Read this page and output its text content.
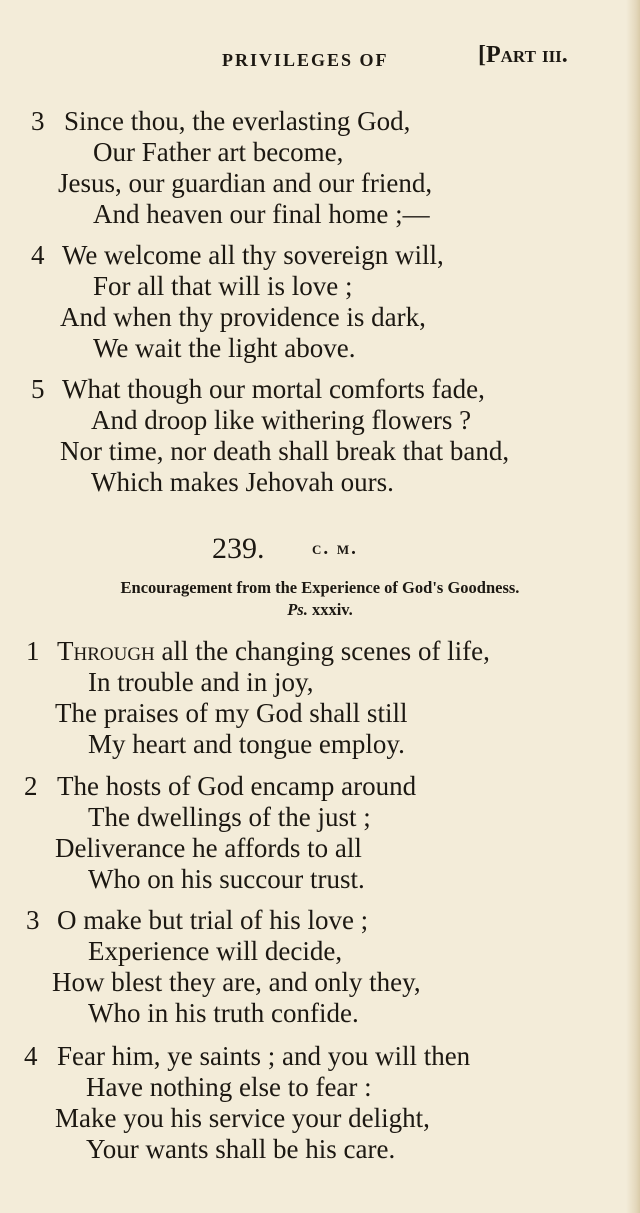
PRIVILEGES OF	[Part iii.
3 Since thou, the everlasting God,
Our Father art become,
Jesus, our guardian and our friend,
And heaven our final home ;—
4 We welcome all thy sovereign will,
For all that will is love ;
And when thy providence is dark,
We wait the light above.
5 What though our mortal comforts fade,
And droop like withering flowers ?
Nor time, nor death shall break that band,
Which makes Jehovah ours.
239.	c. m.
Encouragement from the Experience of God's Goodness.
Ps. xxxiv.
1 Through all the changing scenes of life,
In trouble and in joy,
The praises of my God shall still
My heart and tongue employ.
2 The hosts of God encamp around
The dwellings of the just ;
Deliverance he affords to all
Who on his succour trust.
3 O make but trial of his love ;
Experience will decide,
How blest they are, and only they,
Who in his truth confide.
4 Fear him, ye saints ; and you will then
Have nothing else to fear :
Make you his service your delight,
Your wants shall be his care.
